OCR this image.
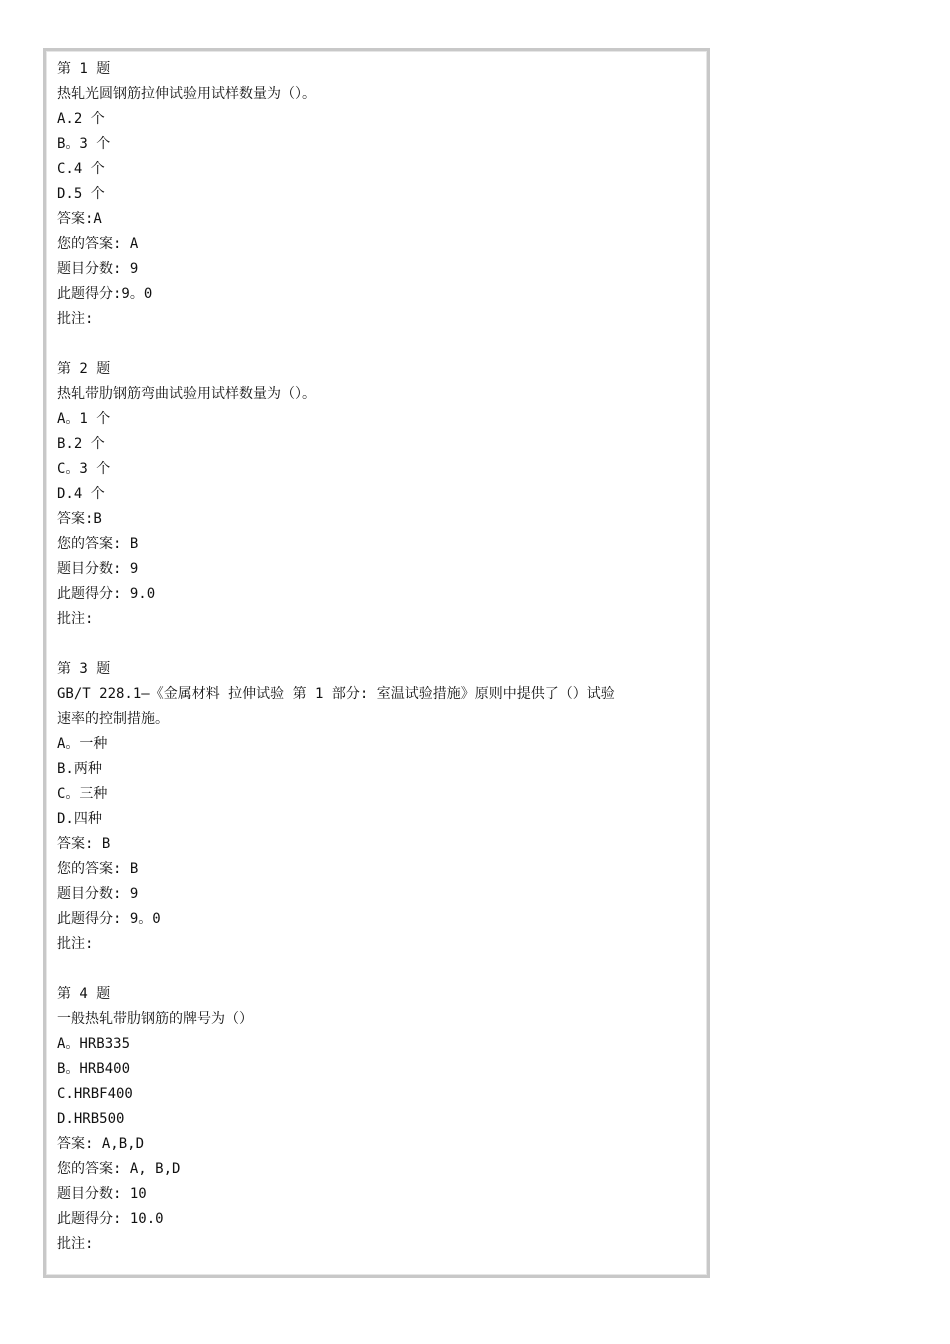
第 1 题
热轧光圆钢筋拉伸试验用试样数量为（）。
A.2 个
B。3 个
C.4 个
D.5 个
答案:A
您的答案: A
题目分数: 9
此题得分:9。0
批注:
第 2 题
热轧带肋钢筋弯曲试验用试样数量为（）。
A。1 个
B.2 个
C。3 个
D.4 个
答案:B
您的答案: B
题目分数: 9
此题得分: 9.0
批注:
第 3 题
GB/T 228.1—《金属材料 拉伸试验 第 1 部分: 室温试验措施》原则中提供了（）试验
速率的控制措施。
A。一种
B.两种
C。三种
D.四种
答案: B
您的答案: B
题目分数: 9
此题得分: 9。0
批注:
第 4 题
一般热轧带肋钢筋的牌号为（）
A。HRB335
B。HRB400
C.HRBF400
D.HRB500
答案: A,B,D
您的答案: A, B,D
题目分数: 10
此题得分: 10.0
批注:
